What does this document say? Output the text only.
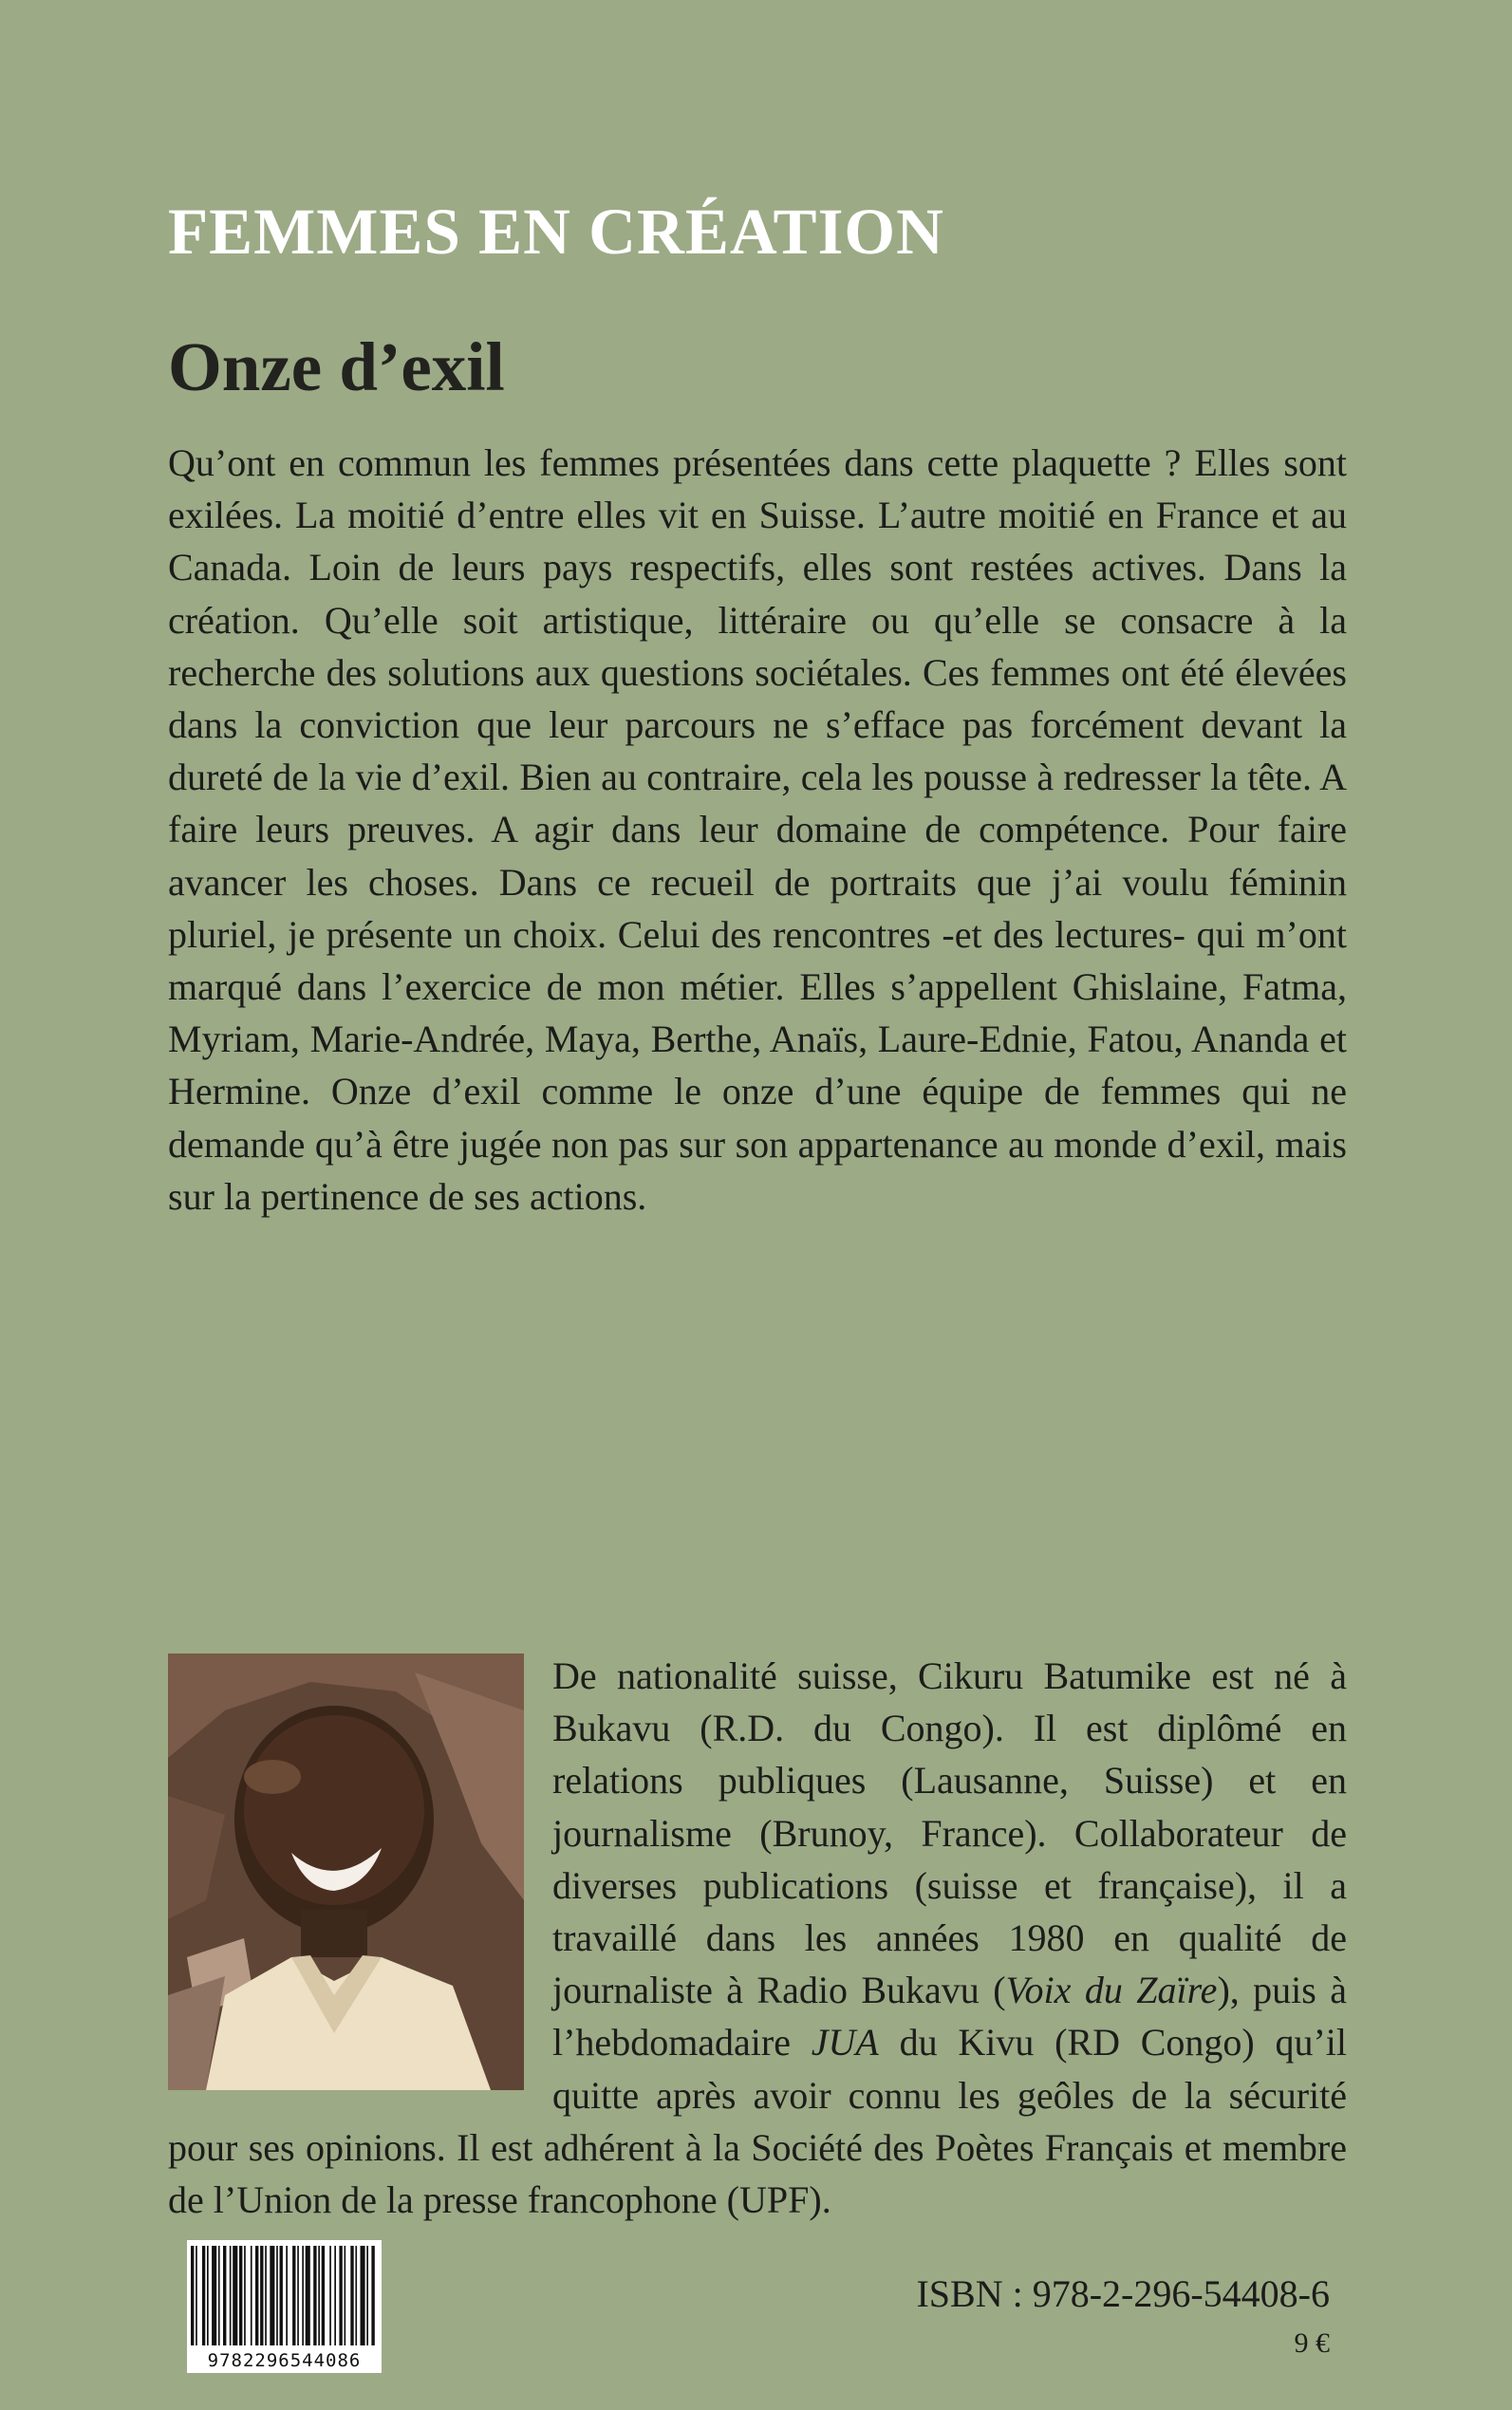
FEMMES EN CRÉATION
Onze d’exil

Qu’ont en commun les femmes présentées dans cette plaquette ? Elles sont exilées. La moitié d’entre elles vit en Suisse. L’autre moitié en France et au Canada. Loin de leurs pays respectifs, elles sont restées actives. Dans la création. Qu’elle soit artistique, littéraire ou qu’elle se consacre à la recherche des solutions aux questions sociétales. Ces femmes ont été élevées dans la conviction que leur parcours ne s’efface pas forcément devant la dureté de la vie d’exil. Bien au contraire, cela les pousse à redresser la tête. A faire leurs preuves. A agir dans leur domaine de compétence. Pour faire avancer les choses. Dans ce recueil de portraits que j’ai voulu féminin pluriel, je présente un choix. Celui des rencontres -et des lectures- qui m’ont marqué dans l’exercice de mon métier. Elles s’appellent Ghislaine, Fatma, Myriam, Marie-Andrée, Maya, Berthe, Anaïs, Laure-Ednie, Fatou, Ananda et Hermine. Onze d’exil comme le onze d’une équipe de femmes qui ne demande qu’à être jugée non pas sur son appartenance au monde d’exil, mais sur la pertinence de ses actions.

De nationalité suisse, Cikuru Batumike est né à Bukavu (R.D. du Congo). Il est diplômé en relations publiques (Lausanne, Suisse) et en journalisme (Brunoy, France). Collaborateur de diverses publications (suisse et française), il a travaillé dans les années 1980 en qualité de journaliste à Radio Bukavu (Voix du Zaïre), puis à l’hebdomadaire JUA du Kivu (RD Congo) qu’il quitte après avoir connu les geôles de la sécurité pour ses opinions. Il est adhérent à la Société des Poètes Français et membre de l’Union de la presse francophone (UPF).
9782296544086

ISBN : 978-2-296-54408-6

9 €
